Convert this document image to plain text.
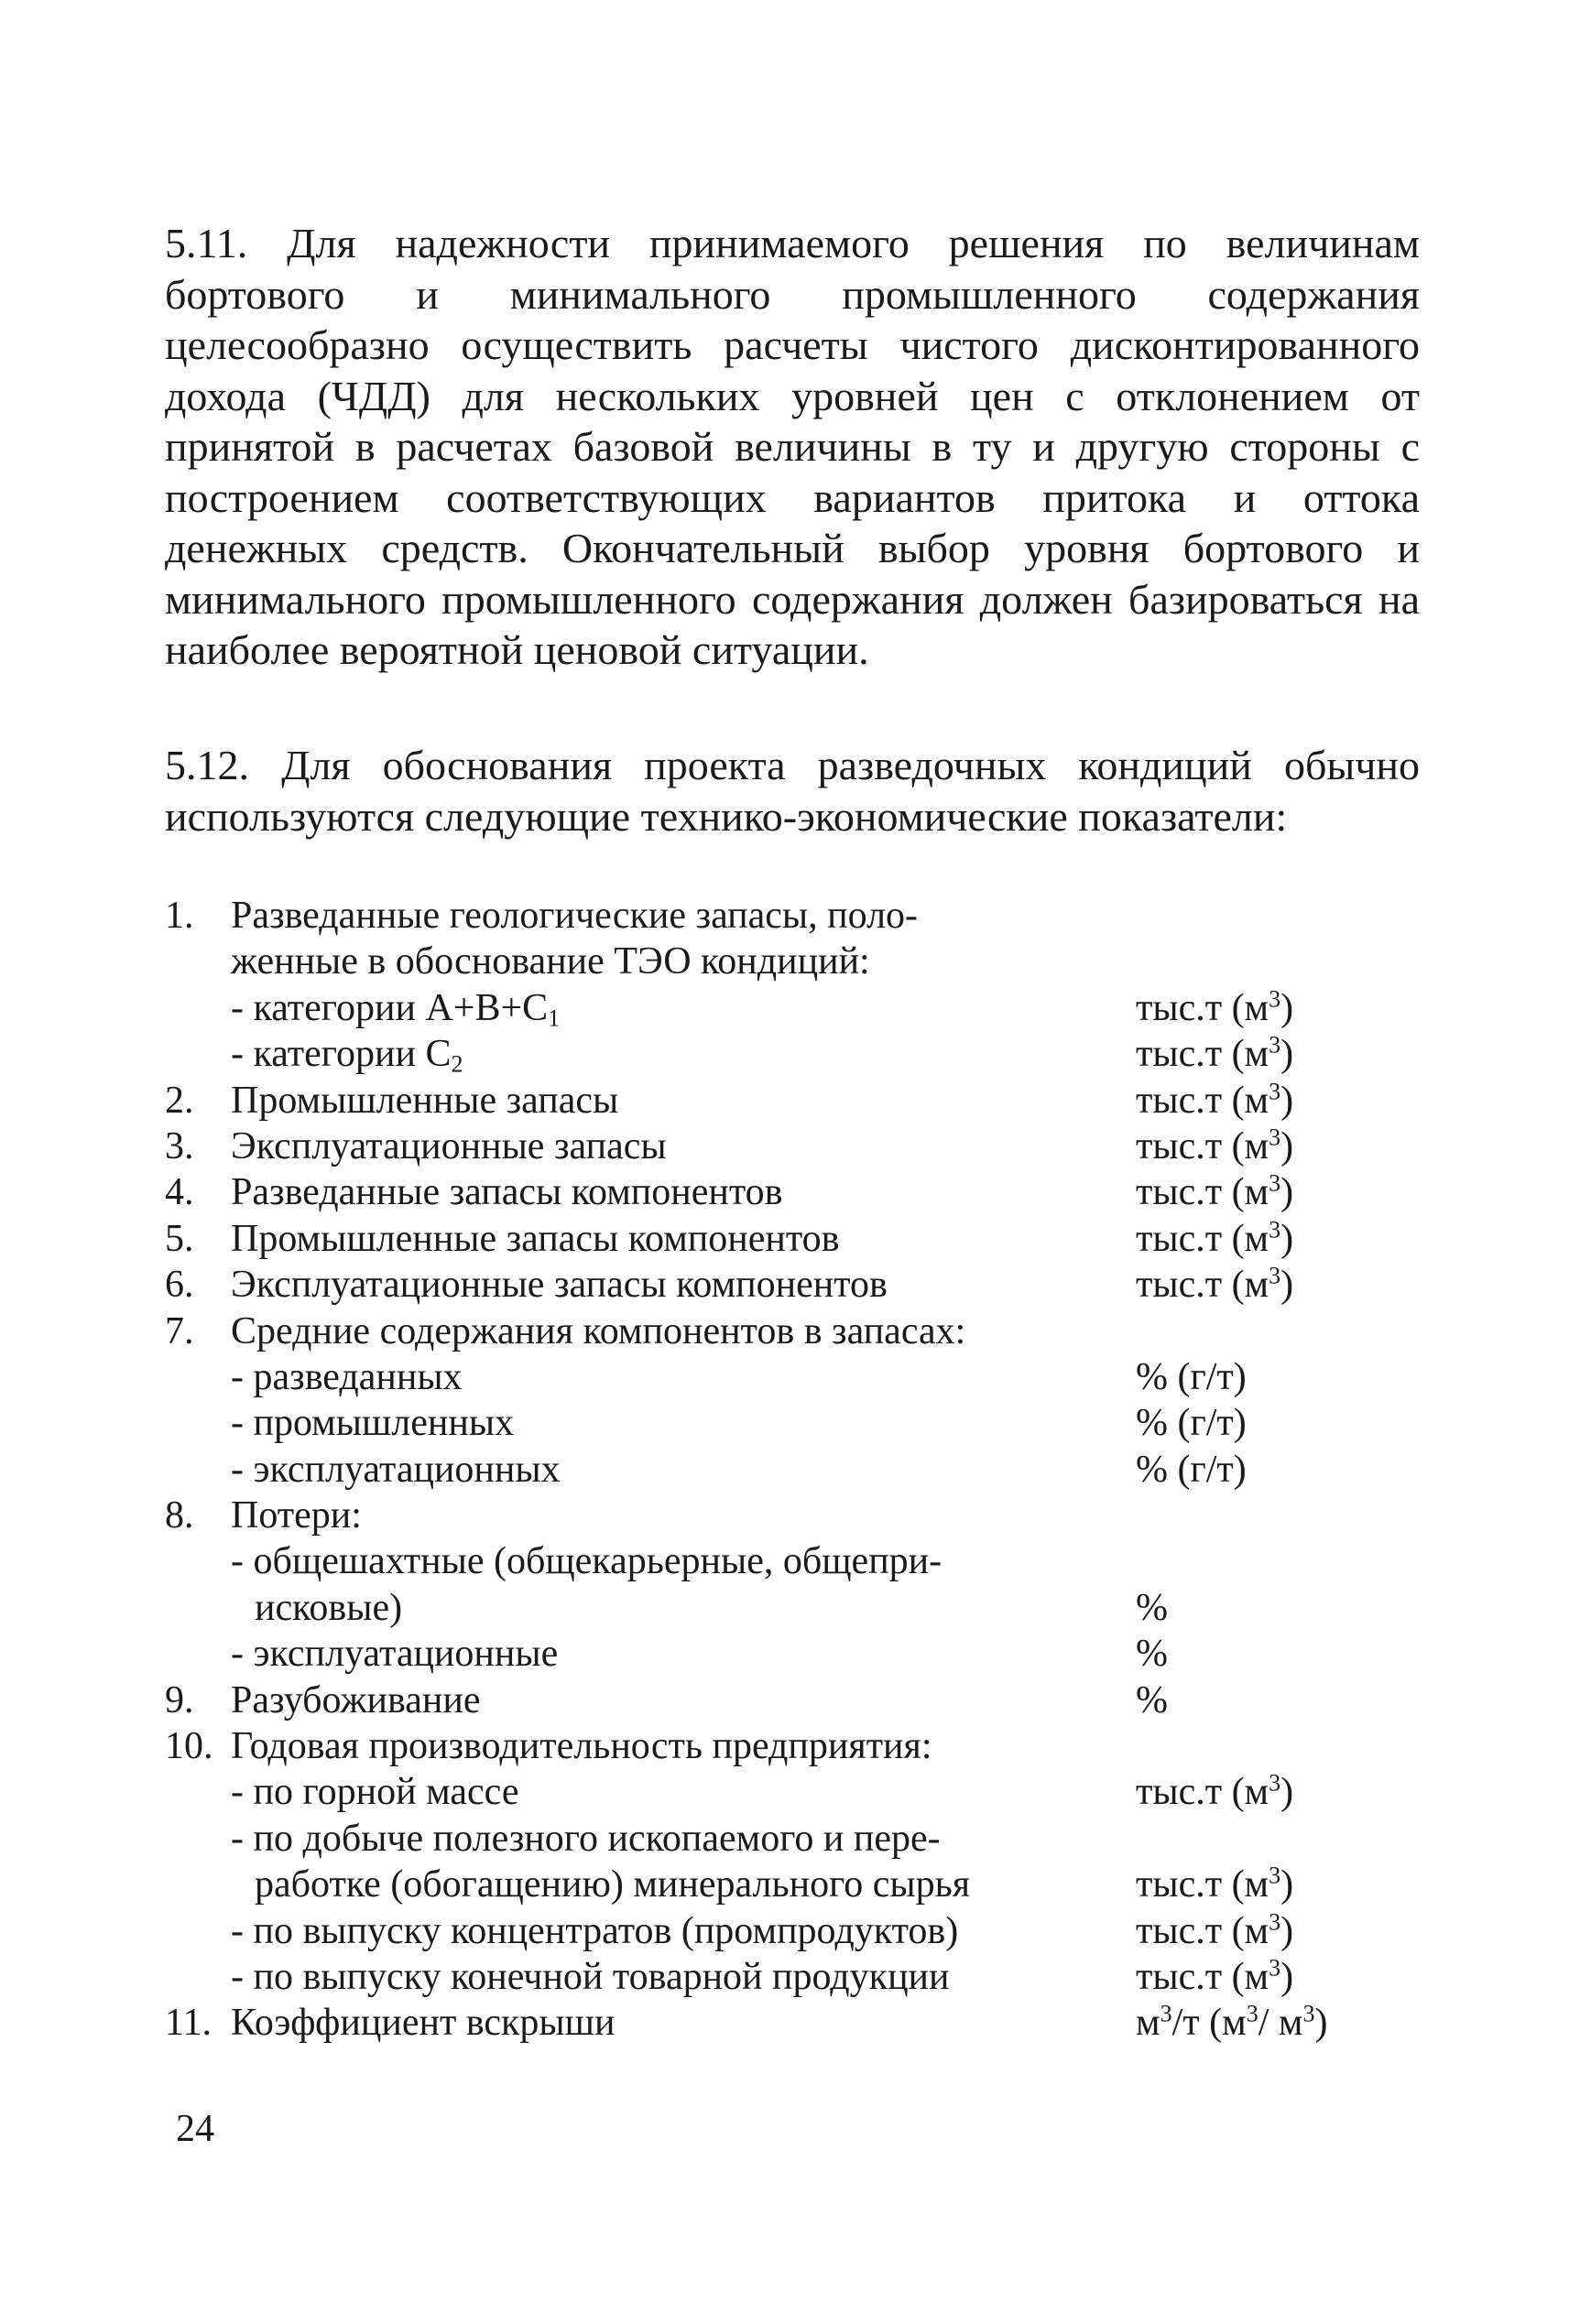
5.11. Для надежности принимаемого решения по величинам бортового и минимального промышленного содержания целесообразно осуществить расчеты чистого дисконтированного дохода (ЧДД) для нескольких уровней цен с отклонением от принятой в расчетах базовой величины в ту и другую стороны с построением соответствующих вариантов притока и оттока денежных средств. Окончательный выбор уровня бортового и минимального промышленного содержания должен базироваться на наиболее вероятной ценовой ситуации.

5.12. Для обоснования проекта разведочных кондиций обычно используются следующие технико-экономические показатели:

1. Разведанные геологические запасы, поло-
женные в обоснование ТЭО кондиций:
- категории $А+В+С_1$	тыс.т $(м^3)$
- категории $С_2$	тыс.т $(м^3)$
2. Промышленные запасы	тыс.т $(м^3)$
3. Эксплуатационные запасы	тыс.т $(м^3)$
4. Разведанные запасы компонентов	тыс.т $(м^3)$
5. Промышленные запасы компонентов	тыс.т $(м^3)$
6. Эксплуатационные запасы компонентов	тыс.т $(м^3)$
7. Средние содержания компонентов в запасах:
- разведанных	% (г/т)
- промышленных	% (г/т)
- эксплуатационных	% (г/т)
8. Потери:
- общешахтные (общекарьерные, общепри-
исковые)	%
- эксплуатационные	%
9. Разубоживание	%
10. Годовая производительность предприятия:
- по горной массе	тыс.т $(м^3)$
- по добыче полезного ископаемого и пере-
работке (обогащению) минерального сырья	тыс.т $(м^3)$
- по выпуску концентратов (промпродуктов)	тыс.т $(м^3)$
- по выпуску конечной товарной продукции	тыс.т $(м^3)$
11. Коэффициент вскрыши	$м^3/т$ ($м^3/$ $м^3$)
24
